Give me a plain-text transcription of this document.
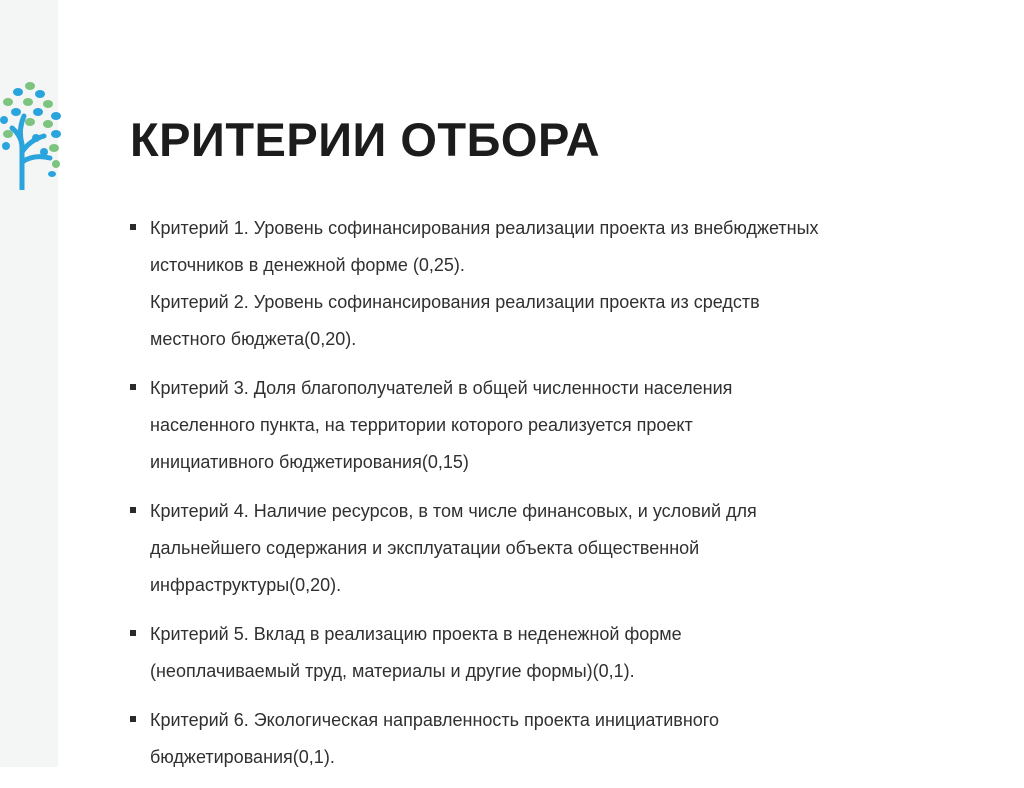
КРИТЕРИИ ОТБОРА
Критерий 1. Уровень софинансирования реализации проекта из внебюджетных
источников в денежной форме (0,25).
Критерий 2. Уровень софинансирования реализации проекта из средств
местного бюджета(0,20).
Критерий 3. Доля благополучателей в общей численности населения
населенного пункта, на территории которого реализуется проект
инициативного бюджетирования(0,15)
Критерий 4. Наличие ресурсов, в том числе финансовых, и условий для
дальнейшего содержания и эксплуатации объекта общественной
инфраструктуры(0,20).
Критерий 5. Вклад в реализацию проекта в неденежной форме
(неоплачиваемый труд, материалы и другие формы)(0,1).
Критерий 6. Экологическая направленность проекта инициативного
бюджетирования(0,1).
